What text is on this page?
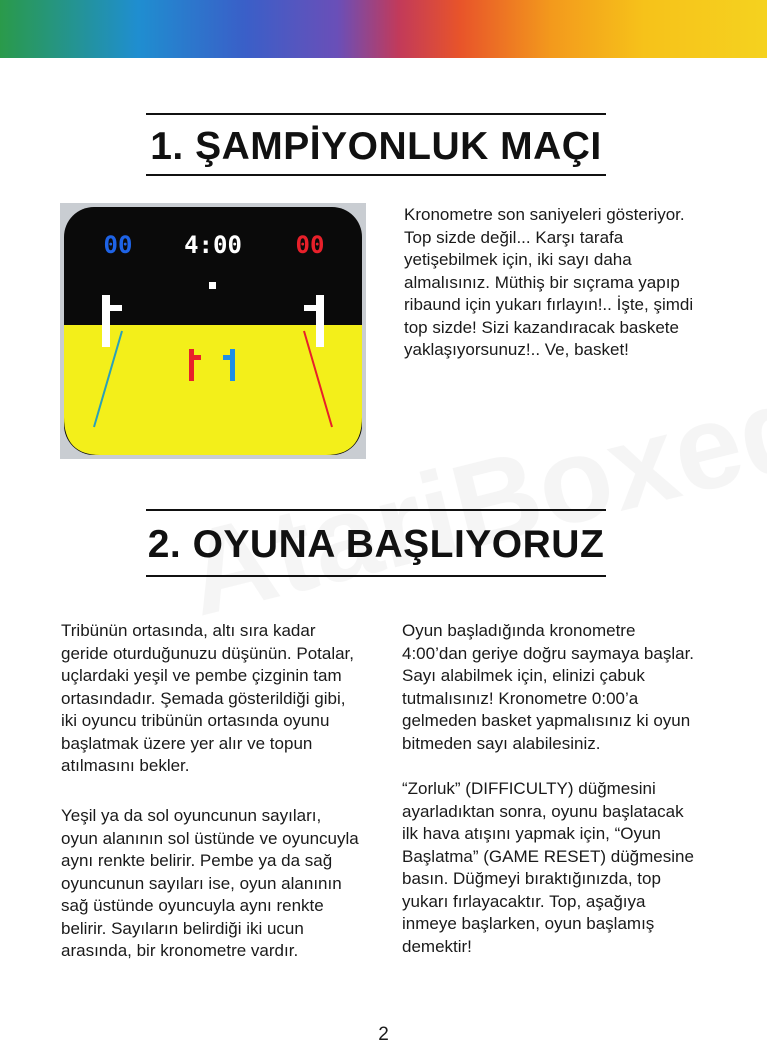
1. ŞAMPİYONLUK MAÇI
00 4:00 00
Kronometre son saniyeleri gösteriyor. Top sizde değil... Karşı tarafa yetişebilmek için, iki sayı daha almalısınız. Müthiş bir sıçrama yapıp ribaund için yukarı fırlayın!.. İşte, şimdi top sizde! Sizi kazandıracak baskete yaklaşıyorsunuz!.. Ve, basket!
2. OYUNA BAŞLIYORUZ
Tribünün ortasında, altı sıra kadar geride oturduğunuzu düşünün. Potalar, uçlardaki yeşil ve pembe çizginin tam ortasındadır. Şemada gösterildiği gibi, iki oyuncu tribünün ortasında oyunu başlatmak üzere yer alır ve topun atılmasını bekler.
Yeşil ya da sol oyuncunun sayıları, oyun alanının sol üstünde ve oyuncuyla aynı renkte belirir. Pembe ya da sağ oyuncunun sayıları ise, oyun alanının sağ üstünde oyuncuyla aynı renkte belirir. Sayıların belirdiği iki ucun arasında, bir kronometre vardır.
Oyun başladığında kronometre 4:00’dan geriye doğru saymaya başlar. Sayı alabilmek için, elinizi çabuk tutmalısınız! Kronometre 0:00’a gelmeden basket yapmalısınız ki oyun bitmeden sayı alabilesiniz.
“Zorluk” (DIFFICULTY) düğmesini ayarladıktan sonra, oyunu başlatacak ilk hava atışını yapmak için, “Oyun Başlatma” (GAME RESET) düğmesine basın. Düğmeyi bıraktığınızda, top yukarı fırlayacaktır. Top, aşağıya inmeye başlarken, oyun başlamış demektir!
2
